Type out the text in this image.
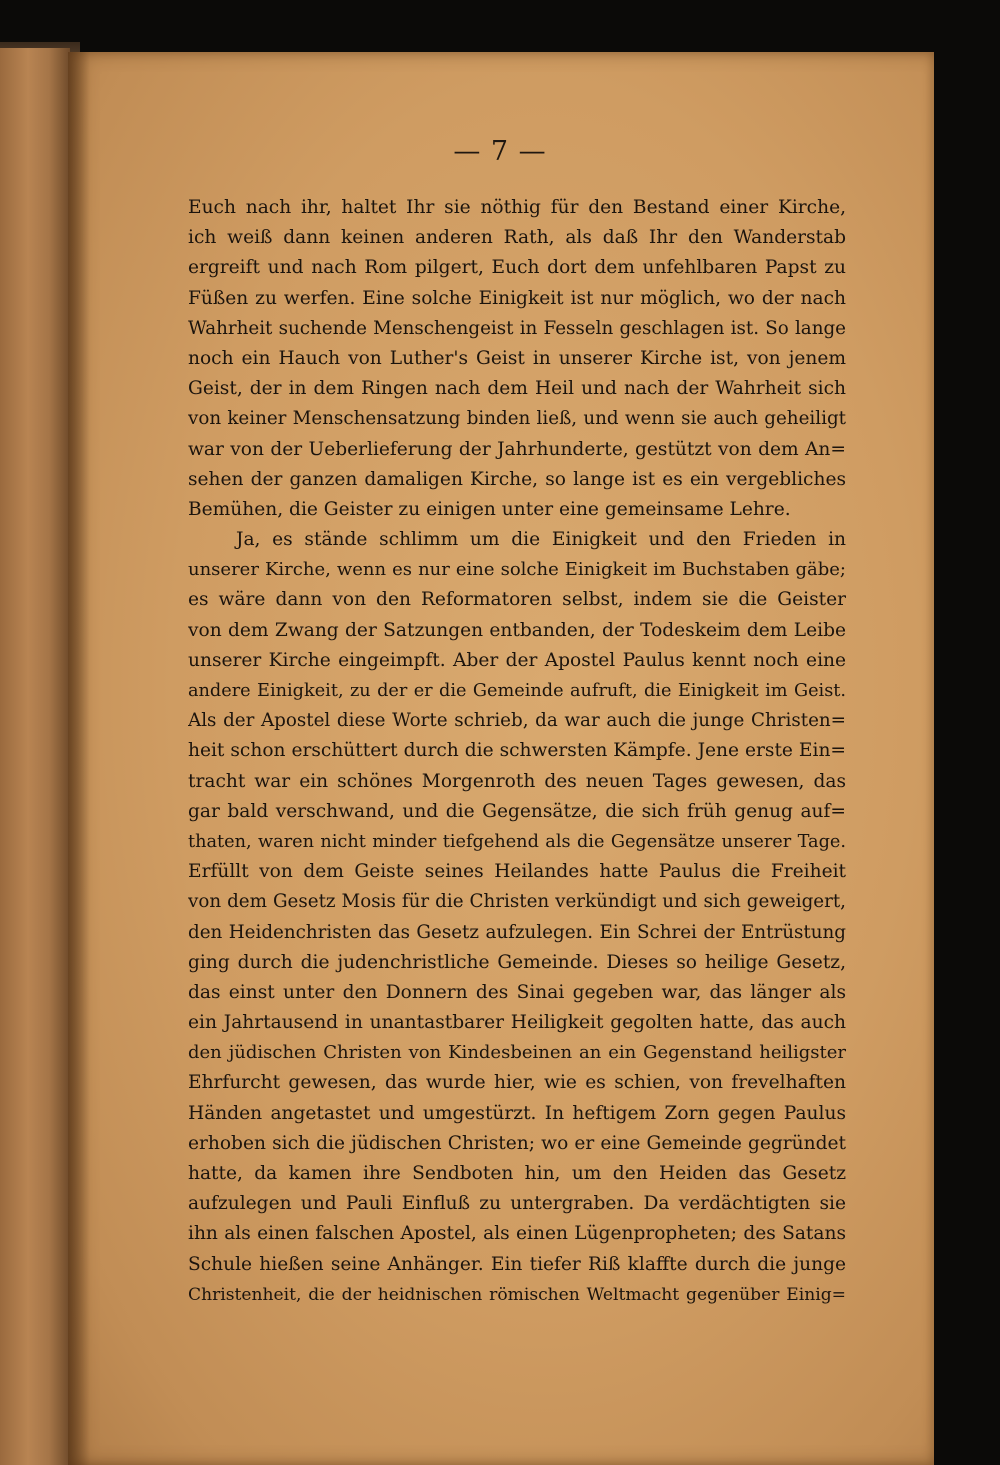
— 7 —
Euch nach ihr, haltet Ihr sie nöthig für den Bestand einer Kirche,
ich weiß dann keinen anderen Rath, als daß Ihr den Wanderstab
ergreift und nach Rom pilgert, Euch dort dem unfehlbaren Papst zu
Füßen zu werfen. Eine solche Einigkeit ist nur möglich, wo der nach
Wahrheit suchende Menschengeist in Fesseln geschlagen ist. So lange
noch ein Hauch von Luther's Geist in unserer Kirche ist, von jenem
Geist, der in dem Ringen nach dem Heil und nach der Wahrheit sich
von keiner Menschensatzung binden ließ, und wenn sie auch geheiligt
war von der Ueberlieferung der Jahrhunderte, gestützt von dem An=
sehen der ganzen damaligen Kirche, so lange ist es ein vergebliches
Bemühen, die Geister zu einigen unter eine gemeinsame Lehre.
Ja, es stände schlimm um die Einigkeit und den Frieden in
unserer Kirche, wenn es nur eine solche Einigkeit im Buchstaben gäbe;
es wäre dann von den Reformatoren selbst, indem sie die Geister
von dem Zwang der Satzungen entbanden, der Todeskeim dem Leibe
unserer Kirche eingeimpft. Aber der Apostel Paulus kennt noch eine
andere Einigkeit, zu der er die Gemeinde aufruft, die Einigkeit im Geist.
Als der Apostel diese Worte schrieb, da war auch die junge Christen=
heit schon erschüttert durch die schwersten Kämpfe. Jene erste Ein=
tracht war ein schönes Morgenroth des neuen Tages gewesen, das
gar bald verschwand, und die Gegensätze, die sich früh genug auf=
thaten, waren nicht minder tiefgehend als die Gegensätze unserer Tage.
Erfüllt von dem Geiste seines Heilandes hatte Paulus die Freiheit
von dem Gesetz Mosis für die Christen verkündigt und sich geweigert,
den Heidenchristen das Gesetz aufzulegen. Ein Schrei der Entrüstung
ging durch die judenchristliche Gemeinde. Dieses so heilige Gesetz,
das einst unter den Donnern des Sinai gegeben war, das länger als
ein Jahrtausend in unantastbarer Heiligkeit gegolten hatte, das auch
den jüdischen Christen von Kindesbeinen an ein Gegenstand heiligster
Ehrfurcht gewesen, das wurde hier, wie es schien, von frevelhaften
Händen angetastet und umgestürzt. In heftigem Zorn gegen Paulus
erhoben sich die jüdischen Christen; wo er eine Gemeinde gegründet
hatte, da kamen ihre Sendboten hin, um den Heiden das Gesetz
aufzulegen und Pauli Einfluß zu untergraben. Da verdächtigten sie
ihn als einen falschen Apostel, als einen Lügenpropheten; des Satans
Schule hießen seine Anhänger. Ein tiefer Riß klaffte durch die junge
Christenheit, die der heidnischen römischen Weltmacht gegenüber Einig=
